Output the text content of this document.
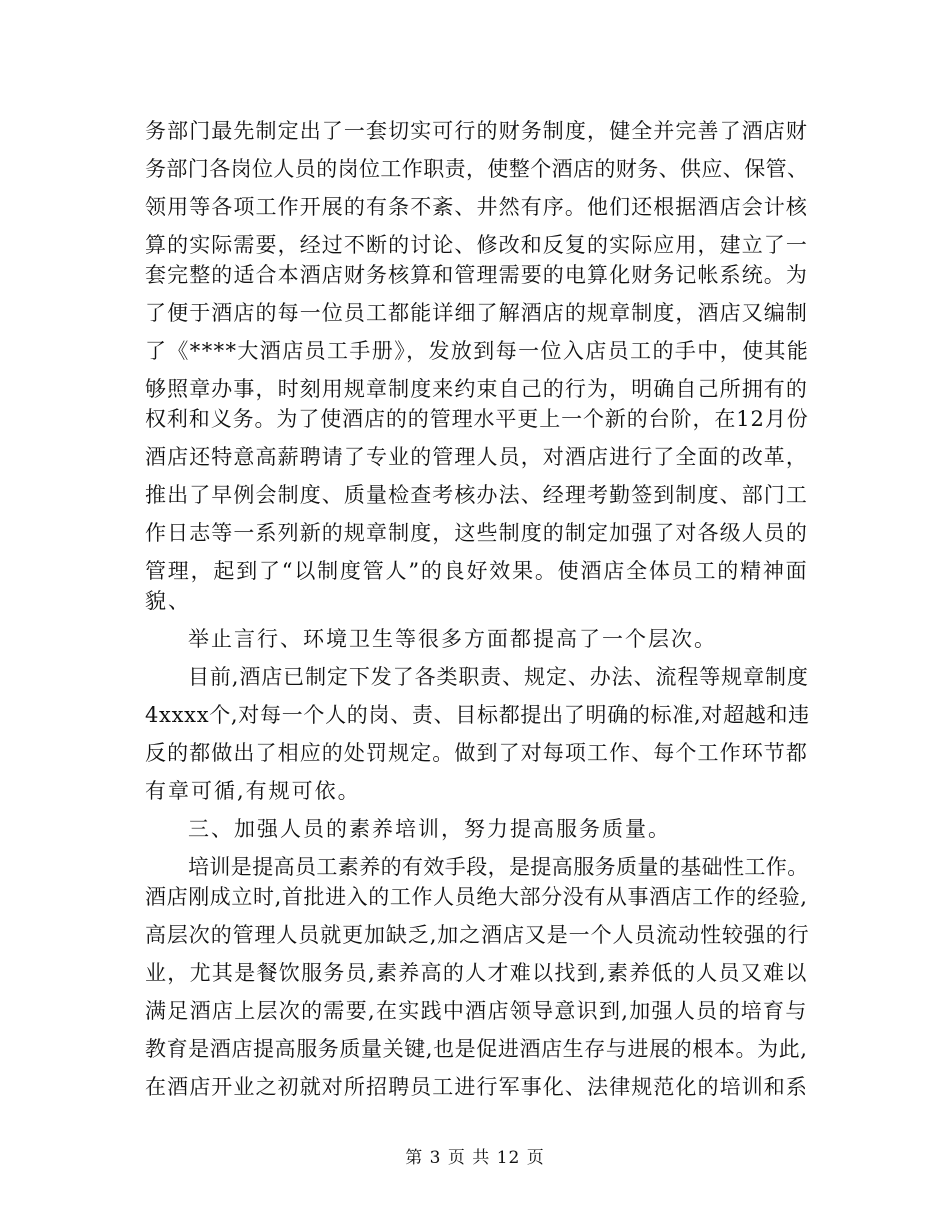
务部门最先制定出了一套切实可行的财务制度，健全并完善了酒店财
务部门各岗位人员的岗位工作职责，使整个酒店的财务、供应、保管、
领用等各项工作开展的有条不紊、井然有序。他们还根据酒店会计核
算的实际需要，经过不断的讨论、修改和反复的实际应用，建立了一
套完整的适合本酒店财务核算和管理需要的电算化财务记帐系统。为
了便于酒店的每一位员工都能详细了解酒店的规章制度，酒店又编制
了《****大酒店员工手册》，发放到每一位入店员工的手中，使其能
够照章办事，时刻用规章制度来约束自己的行为，明确自己所拥有的
权利和义务。为了使酒店的的管理水平更上一个新的台阶，在12月份
酒店还特意高薪聘请了专业的管理人员，对酒店进行了全面的改革，
推出了早例会制度、质量检查考核办法、经理考勤签到制度、部门工
作日志等一系列新的规章制度，这些制度的制定加强了对各级人员的
管理，起到了“以制度管人”的良好效果。使酒店全体员工的精神面
貌、
举止言行、环境卫生等很多方面都提高了一个层次。
目前,酒店已制定下发了各类职责、规定、办法、流程等规章制度
4xxxx个,对每一个人的岗、责、目标都提出了明确的标准,对超越和违
反的都做出了相应的处罚规定。做到了对每项工作、每个工作环节都
有章可循,有规可依。
三、加强人员的素养培训，努力提高服务质量。
培训是提高员工素养的有效手段，是提高服务质量的基础性工作。
酒店刚成立时,首批进入的工作人员绝大部分没有从事酒店工作的经验,
高层次的管理人员就更加缺乏,加之酒店又是一个人员流动性较强的行
业，尤其是餐饮服务员,素养高的人才难以找到,素养低的人员又难以
满足酒店上层次的需要,在实践中酒店领导意识到,加强人员的培育与
教育是酒店提高服务质量关键,也是促进酒店生存与进展的根本。为此,
在酒店开业之初就对所招聘员工进行军事化、法律规范化的培训和系
第 3 页 共 12 页
